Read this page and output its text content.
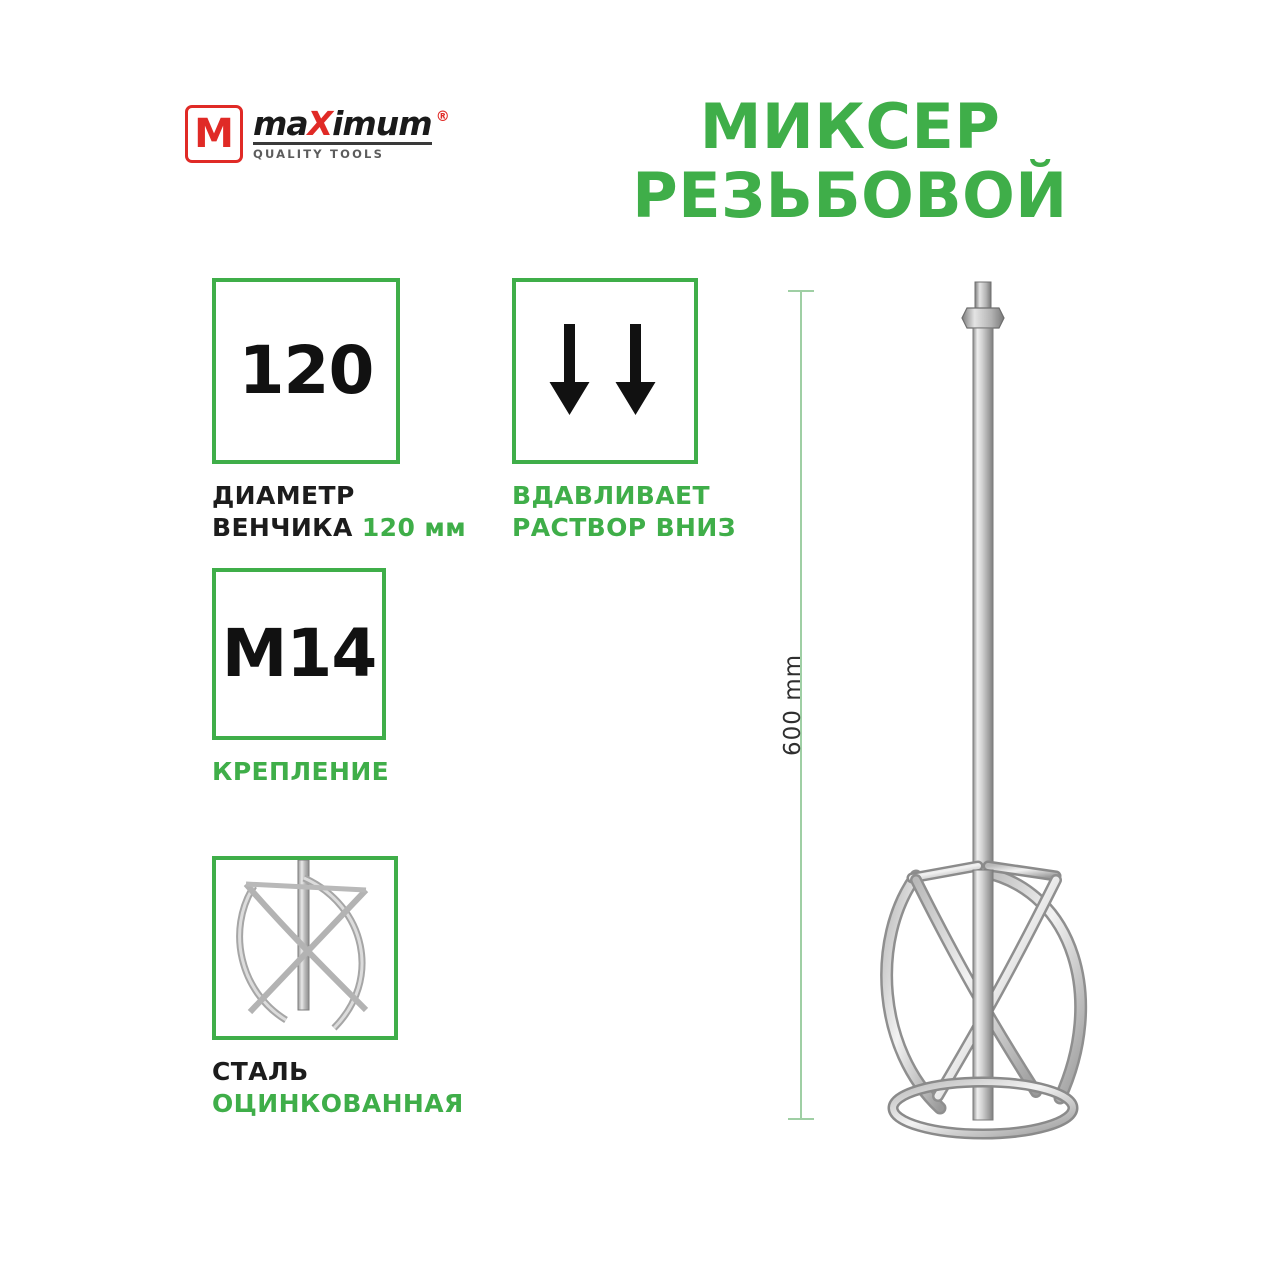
M maXimum
QUALITY TOOLS
®	МИКСЕР РЕЗЬБОВОЙ
120
ДИАМЕТР
ВЕНЧИКА 120 мм
ВДАВЛИВАЕТ
РАСТВОР ВНИЗ
M14
КРЕПЛЕНИЕ
СТАЛЬ
ОЦИНКОВАННАЯ
600 mm
